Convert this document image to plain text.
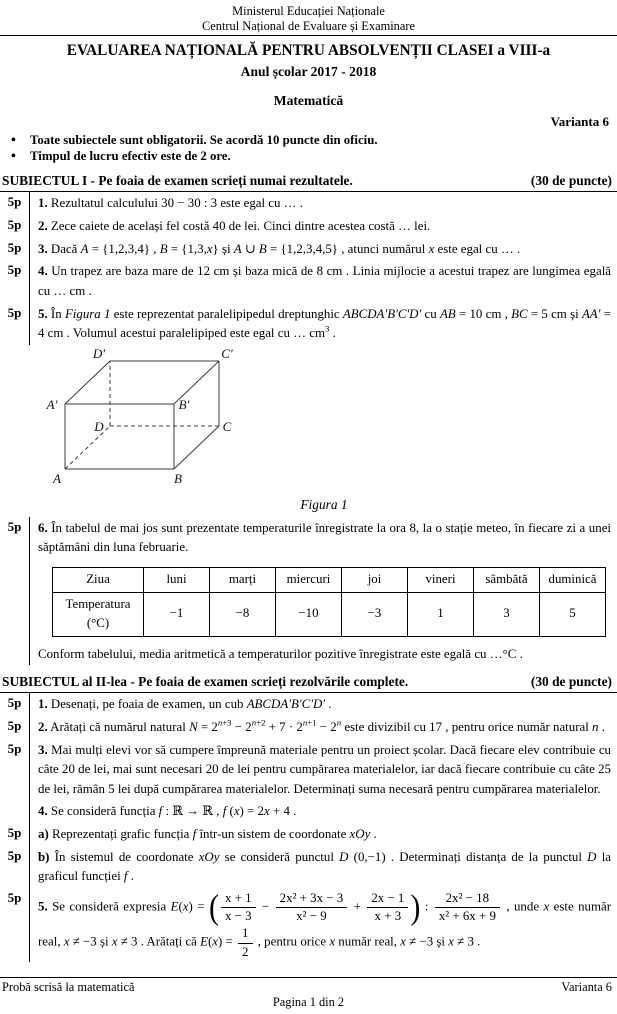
Ministerul Educației Naționale
Centrul Național de Evaluare și Examinare
EVALUAREA NAȚIONALĂ PENTRU ABSOLVENȚII CLASEI a VIII-a
Anul școlar 2017 - 2018
Matematică
Varianta 6
• Toate subiectele sunt obligatorii. Se acordă 10 puncte din oficiu.
• Timpul de lucru efectiv este de 2 ore.
SUBIECTUL I - Pe foaia de examen scrieți numai rezultatele.	(30 de puncte)
5p	1. Rezultatul calculului 30 − 30 : 3 este egal cu … .
5p	2. Zece caiete de același fel costă 40 de lei. Cinci dintre acestea costă … lei.
5p	3. Dacă A = {1,2,3,4} , B = {1,3,x} și A ∪ B = {1,2,3,4,5} , atunci numărul x este egal cu … .
5p	4. Un trapez are baza mare de 12 cm și baza mică de 8 cm . Linia mijlocie a acestui trapez are lungimea egală cu … cm .
5p	5. În Figura 1 este reprezentat paralelipipedul dreptunghic ABCDA'B'C'D' cu AB = 10 cm , BC = 5 cm și AA' = 4 cm . Volumul acestui paralelipiped este egal cu … $cm^3$ .
A	B
C
D
A'	B'
C'
D'
Figura 1
5p	6. În tabelul de mai jos sunt prezentate temperaturile înregistrate la ora 8, la o stație meteo, în fiecare zi a unei săptămâni din luna februarie.
Ziua	luni	marți	miercuri	joi	vineri	sâmbătă	duminică

Temperatura
(°C)	−1	−8	−10	−3	1	3	5
Conform tabelului, media aritmetică a temperaturilor pozitive înregistrate este egală cu …°C .
SUBIECTUL al II-lea - Pe foaia de examen scrieți rezolvările complete.	(30 de puncte)
5p	1. Desenați, pe foaia de examen, un cub ABCDA'B'C'D' .
5p	2. Arătați că numărul natural $N = 2^{n+3} - 2^{n+2} + 7 \cdot 2^{n+1} - 2^n$ este divizibil cu 17 , pentru orice număr natural n .
5p	3. Mai mulți elevi vor să cumpere împreună materiale pentru un proiect școlar. Dacă fiecare elev contribuie cu câte 20 de lei, mai sunt necesari 20 de lei pentru cumpărarea materialelor, iar dacă fiecare contribuie cu câte 25 de lei, rămân 5 lei după cumpărarea materialelor. Determinați suma necesară pentru cumpărarea materialelor.
4. Se consideră funcția f : ℝ → ℝ , f (x) = 2x + 4 .
5p	a) Reprezentați grafic funcția f într-un sistem de coordonate xOy .
5p	b) În sistemul de coordonate xOy se consideră punctul D (0,−1) . Determinați distanța de la punctul D la graficul funcției f .
5p
5. Se consideră expresia E(x) = ( $\frac{x + 1}{x - 3} - \frac{\text{2x² + 3x − 3}}{\text{x² − 9}} + \frac{2x - 1}{x + 3}$ ) : $\frac{\text{2x² − 18}}{\text{x² + 6x + 9}}$ , unde x este număr real, x ≠ −3 și x ≠ 3 . Arătați că $E(x) = \frac{1}{2}$ , pentru orice x număr real, x ≠ −3 și x ≠ 3 .
Probă scrisă la matematică	Varianta 6
Pagina 1 din 2
